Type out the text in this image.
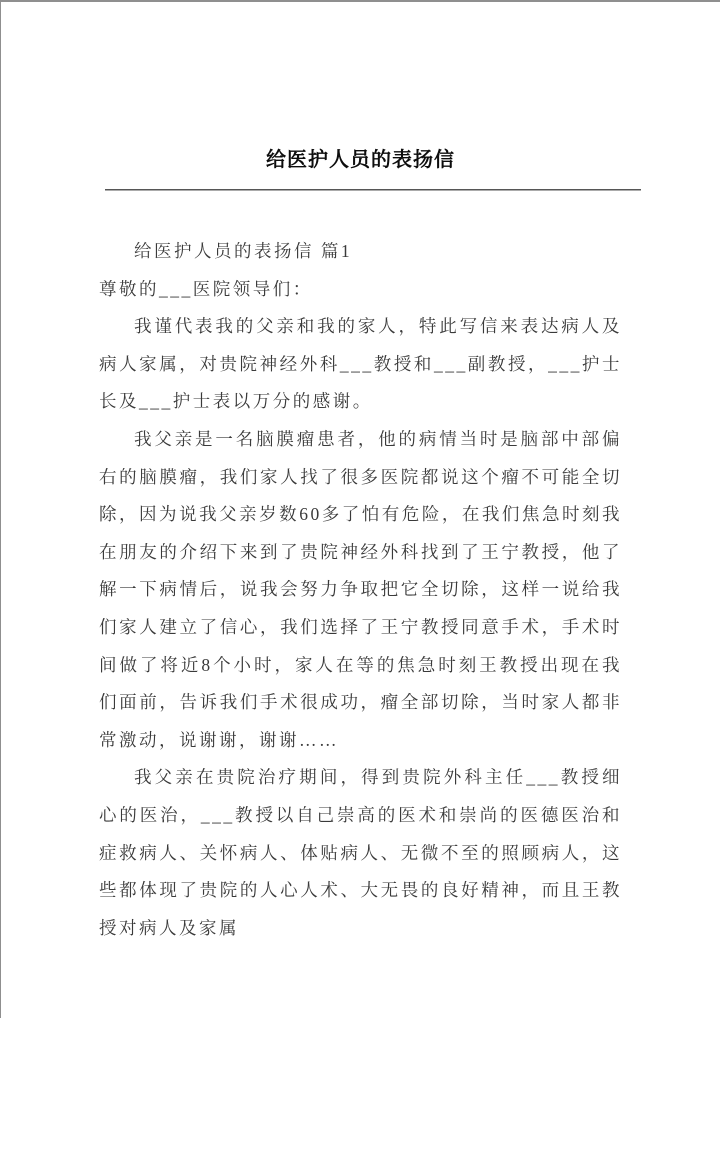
给医护人员的表扬信

给医护人员的表扬信 篇1

尊敬的___医院领导们：

我谨代表我的父亲和我的家人，特此写信来表达病人及病人家属，对贵院神经外科___教授和___副教授，___护士长及___护士表以万分的感谢。

我父亲是一名脑膜瘤患者，他的病情当时是脑部中部偏右的脑膜瘤，我们家人找了很多医院都说这个瘤不可能全切除，因为说我父亲岁数60多了怕有危险，在我们焦急时刻我在朋友的介绍下来到了贵院神经外科找到了王宁教授，他了解一下病情后，说我会努力争取把它全切除，这样一说给我们家人建立了信心，我们选择了王宁教授同意手术，手术时间做了将近8个小时，家人在等的焦急时刻王教授出现在我们面前，告诉我们手术很成功，瘤全部切除，当时家人都非常激动，说谢谢，谢谢……

我父亲在贵院治疗期间，得到贵院外科主任___教授细心的医治，___教授以自己崇高的医术和崇尚的医德医治和症救病人、关怀病人、体贴病人、无微不至的照顾病人，这些都体现了贵院的人心人术、大无畏的良好精神，而且王教授对病人及家属
